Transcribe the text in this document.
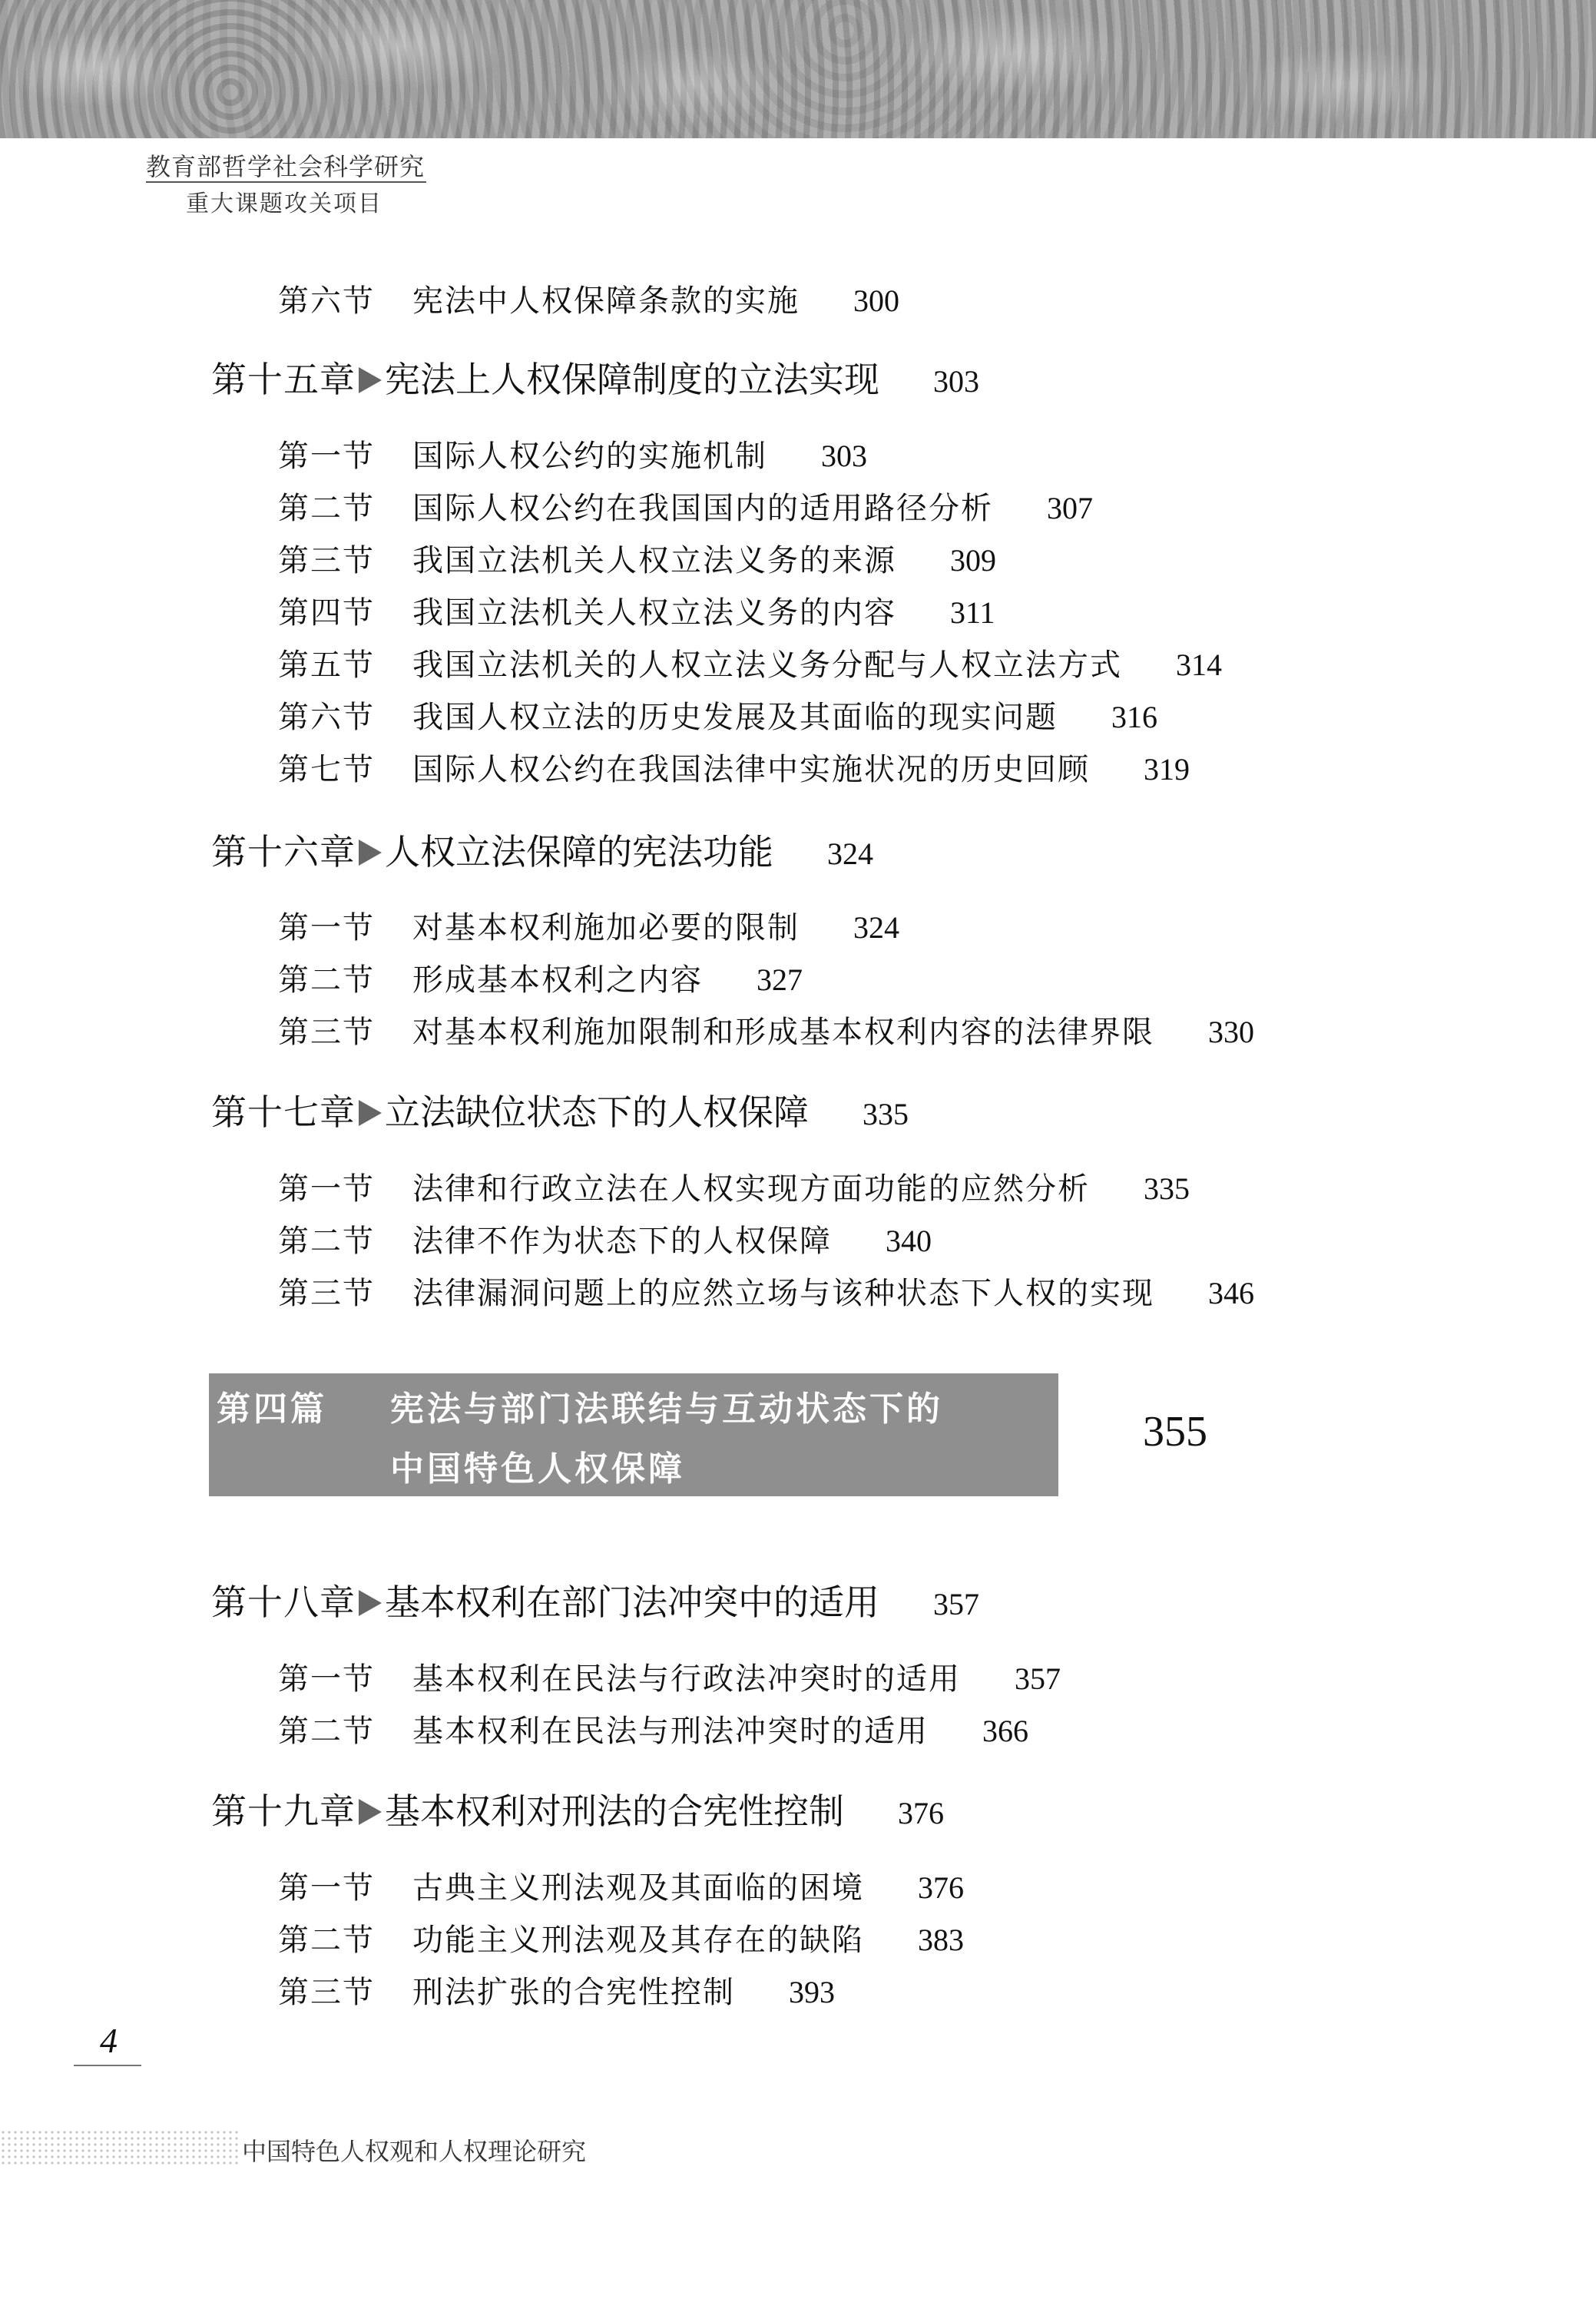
教育部哲学社会科学研究
重大课题攻关项目
第六节	宪法中人权保障条款的实施 300
第十五章 宪法上人权保障制度的立法实现 303
第一节	国际人权公约的实施机制 303
第二节	国际人权公约在我国国内的适用路径分析 307
第三节	我国立法机关人权立法义务的来源 309
第四节	我国立法机关人权立法义务的内容 311
第五节	我国立法机关的人权立法义务分配与人权立法方式 314
第六节	我国人权立法的历史发展及其面临的现实问题 316
第七节	国际人权公约在我国法律中实施状况的历史回顾 319
第十六章 人权立法保障的宪法功能 324
第一节	对基本权利施加必要的限制 324
第二节	形成基本权利之内容 327
第三节	对基本权利施加限制和形成基本权利内容的法律界限 330
第十七章 立法缺位状态下的人权保障 335
第一节	法律和行政立法在人权实现方面功能的应然分析 335
第二节	法律不作为状态下的人权保障 340
第三节	法律漏洞问题上的应然立场与该种状态下人权的实现 346
第四篇 宪法与部门法联结与互动状态下的
中国特色人权保障
355
第十八章 基本权利在部门法冲突中的适用 357
第一节	基本权利在民法与行政法冲突时的适用 357
第二节	基本权利在民法与刑法冲突时的适用 366
第十九章 基本权利对刑法的合宪性控制 376
第一节	古典主义刑法观及其面临的困境 376
第二节	功能主义刑法观及其存在的缺陷 383
第三节	刑法扩张的合宪性控制 393
4
中国特色人权观和人权理论研究
